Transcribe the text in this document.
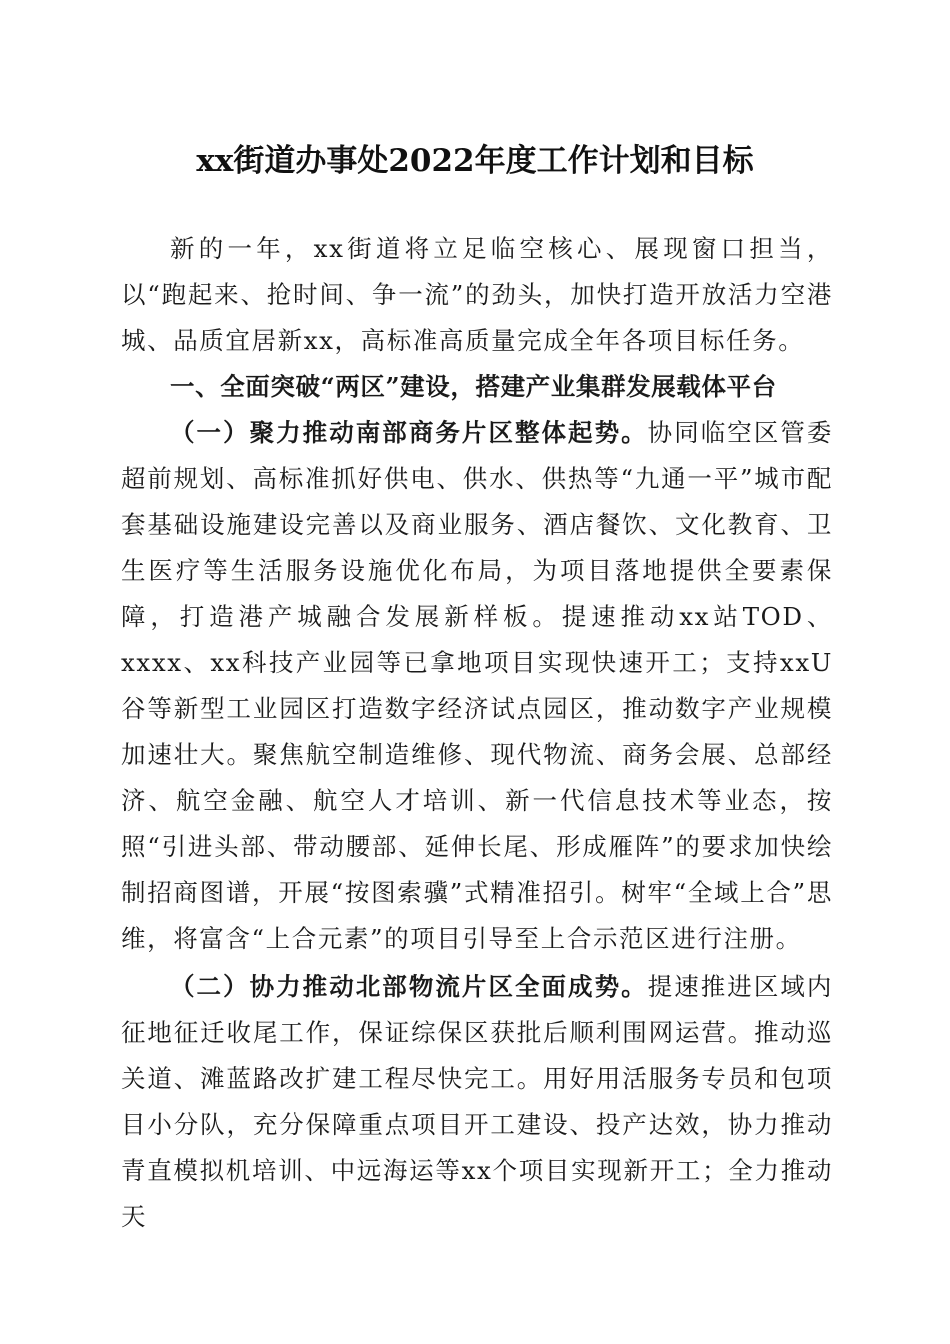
xx街道办事处2022年度工作计划和目标

新的一年，xx街道将立足临空核心、展现窗口担当，以“跑起来、抢时间、争一流”的劲头，加快打造开放活力空港城、品质宜居新xx，高标准高质量完成全年各项目标任务。

一、全面突破“两区”建设，搭建产业集群发展载体平台

（一）聚力推动南部商务片区整体起势。协同临空区管委超前规划、高标准抓好供电、供水、供热等“九通一平”城市配套基础设施建设完善以及商业服务、酒店餐饮、文化教育、卫生医疗等生活服务设施优化布局，为项目落地提供全要素保障，打造港产城融合发展新样板。提速推动xx站TOD、xxxx、xx科技产业园等已拿地项目实现快速开工；支持xxU谷等新型工业园区打造数字经济试点园区，推动数字产业规模加速壮大。聚焦航空制造维修、现代物流、商务会展、总部经济、航空金融、航空人才培训、新一代信息技术等业态，按照“引进头部、带动腰部、延伸长尾、形成雁阵”的要求加快绘制招商图谱，开展“按图索骥”式精准招引。树牢“全域上合”思维，将富含“上合元素”的项目引导至上合示范区进行注册。

（二）协力推动北部物流片区全面成势。提速推进区域内征地征迁收尾工作，保证综保区获批后顺利围网运营。推动巡关道、滩蓝路改扩建工程尽快完工。用好用活服务专员和包项目小分队，充分保障重点项目开工建设、投产达效，协力推动青直模拟机培训、中远海运等xx个项目实现新开工；全力推动天
